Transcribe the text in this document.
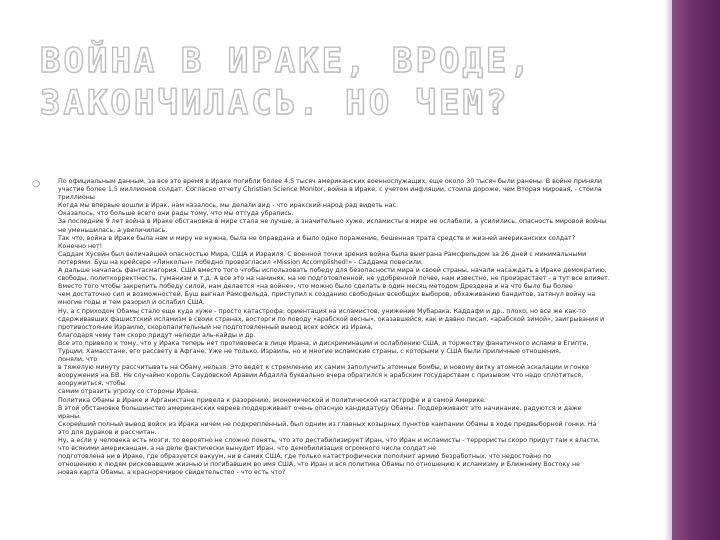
ВОЙНА В ИРАКЕ, ВРОДЕ,
ЗАКОНЧИЛАСЬ. НО ЧЕМ?
❍	По официальным данным, за все это время в Ираке погибли более 4,5 тысяч американских военнослужащих, еще около 30 тысяч были ранены. В войне приняли
участие более 1,5 миллионов солдат. Согласно отчету Christian Science Monitor, война в Ираке, с учетом инфляции, стоила дороже, чем Вторая мировая, - стоила
триллионы
Когда мы впервые вошли в Ирак, нам казалось, мы делали вид - что иракский народ рад видеть нас.
Оказалось, что больше всего они рады тому, что мы оттуда убрались.
За последние 9 лет война в Ираке обстановка в мире стала не лучше, а значительно хуже, исламисты в мире не ослабели, а усилились, опасность мировой войны
не уменьшилась, а увеличилась.
Так что, война в Ираке была нам и миру не нужна, была не оправдана и было одно поражение, бешенная трата средств и жизней американских солдат?
Конечно нет!
Саддам Хусейн был величайшей опасностью Мира, США и Израиля. С военной точки зрения война была выиграна Рамсфельдом за 26 дней с минимальными
потерями. Буш на крейсере «Линкольн» победно провозгласил «Mission Accomplished!» - Саддама повесили.
А дальше началась фантасмагория. США вместо того чтобы использовать победу для безопасности мира и своей страны, начали насаждать в Ираке демократию,
свободы, политкорректность, гуманизм и т.д. А все это на нанинях, на не подготовленной, не удобренной почве, нам известно, не произрастает - а тут все влияет.
Вместо того чтобы закрепить победу силой, нам делается «на войне», что можно было сделать в один месяц методом Дрездена и на что было бы более
чем достаточно сил и возможностей, Буш выгнал Рамсфельда, приступил к созданию свободных всеобщих выборов, обхаживанию бандитов, затянул войну на
многие годы и тем разорил и ослабил США.
Ну, а с приходом Обамы стало еще куда хуже - просто катастрофа: ориентация на исламистов, унижение Мубарака, Каддафи и др., плохо, но все же как-то
сдерживавших фашистский исламизм в своих странах, восторги по поводу «арабской весны», оказавшейся, как и давно писал, «арабской зимой», заигрывания и
противостояние Израилю, скоропалительный не подготовленный вывод всех войск из Ирака,
благодаря чему там скоро придут нелюди аль-кайды и др.
Все это привело к тому, что у Ирака теперь нет противовеса в лице Ирана, и дискриминации и ослаблению США, и торжеству фанатичного ислама в Египте,
Турции, Хамасстане, его рассвету в Афгане. Уже не только, Израиль, но и многие исламские страны, с которыми у США были приличные отношения,
поняли, что
в тяжелую минуту рассчитывать на Обаму нельзя. Это ведет к стремлению их самим заполучить атомные бомбы, и новому витку атомной эскалации и гонке
вооружения на БВ. Не случайно король Саудовской Аравии Абдалла буквально вчера обратился к арабским государствам с призывом что надо сплотиться,
вооружиться, чтобы
самим отразить угрозу со стороны Ирана.
Политика Обамы в Ираке и Афганистане привела к разорению, экономической и политической катастрофе и в самой Америке.
В этой обстановке большинство американских евреев поддерживает очень опасную кандидатуру Обамы. Поддерживают это начинание, радуются и даже
ираны.
Скорейший полный вывод войск из Ирака ничем не подкрепленный, был одним из главных козырных пунктов кампании Обамы в ходе предвыборной гонки. На
это для дураков и рассчитан.
Ну, а если у человека есть мозги, то вероятно не сложно понять, что это дестабилизирует Иран, что Иран и исламисты - террористы скоро придут там к власти,
что всякими американцам, а на деле фактически вынудит Иран, что демобилизация огромного числа солдат не
подготовлена ни в Ираке, где образуется вакуум, ни в самих США, где только катастрофически пополнит армию безработных, что недостойно по
отношению к людям рисковавшим жизнью и погибавшим во имя США, что Иран и вся политика Обамы по отношению к исламизму и Ближнему Востоку не
новая карта Обамы, а красноречивое свидетельство - что есть что?
